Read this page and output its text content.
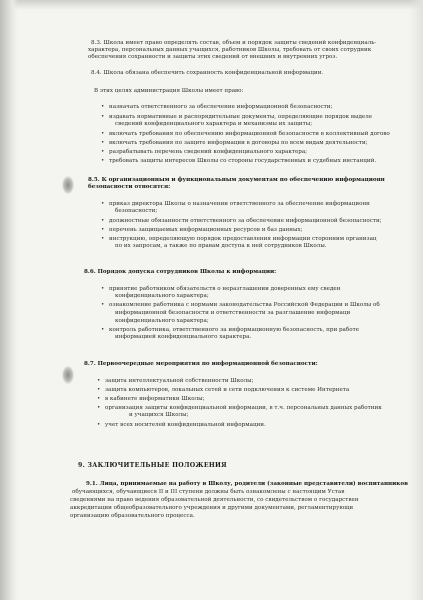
8.3. Школа имеет право определять состав, объем и порядок защиты сведений конфиденциаль-
характера, персональных данных учащихся, работников Школы, требовать от своих сотрудник
обеспечения сохранности и защиты этих сведений от внешних и внутренних угроз.
8.4. Школа обязана обеспечить сохранность конфиденциальной информации.
В этих целях администрация Школы имеет право:
• назначать ответственного за обеспечение информационной безопасности;
• издавать нормативные и распорядительные документы, определяющие порядок выделе
сведений конфиденциального характера и механизмы их защиты;
• включать требования по обеспечению информационной безопасности в коллективный догово
• включать требования по защите информации в договоры по всем видам деятельности;
• разрабатывать перечень сведений конфиденциального характера;
• требовать защиты интересов Школы со стороны государственных и судебных инстанций.
8.5. К организационным и функциональным документам по обеспечению информационн
безопасности относятся:
• приказ директора Школы о назначении ответственного за обеспечение информационн
безопасности;
• должностные обязанности ответственного за обеспечение информационной безопасности;
• перечень защищаемых информационных ресурсов и баз данных;
• инструкцию, определяющую порядок предоставления информации сторонним организац
по их запросам, а также по правам доступа к ней сотрудников Школы.
8.6. Порядок допуска сотрудников Школы к информации:
• принятие работником обязательств о неразглашении доверенных ему сведен
конфиденциального характера;
• ознакомление работника с нормами законодательства Российской Федерации и Школы об
информационной безопасности и ответственности за разглашение информаци
конфиденциального характера;
• контроль работника, ответственного за информационную безопасность, при работе
информацией конфиденциального характера.
8.7. Первоочередные мероприятия по информационной безопасности:
• защита интеллектуальной собственности Школы;
• защита компьютеров, локальных сетей и сети подключения к системе Интернета
• в кабинете информатики Школы;
• организация защиты конфиденциальной информации, в т.ч. персональных данных работник
и учащихся Школы;
• учет всех носителей конфиденциальной информации.
9. ЗАКЛЮЧИТЕЛЬНЫЕ ПОЛОЖЕНИЯ
9.1. Лица, принимаемые на работу в Школу, родители (законные представители) воспитанников
обучающихся, обучающиеся II и III ступени должны быть ознакомлены с настоящим Устав
сведениями на право ведения образовательной деятельности, со свидетельством о государствен
аккредитации общеобразовательного учреждения и другими документами, регламентирующи
организацию образовательного процесса.
